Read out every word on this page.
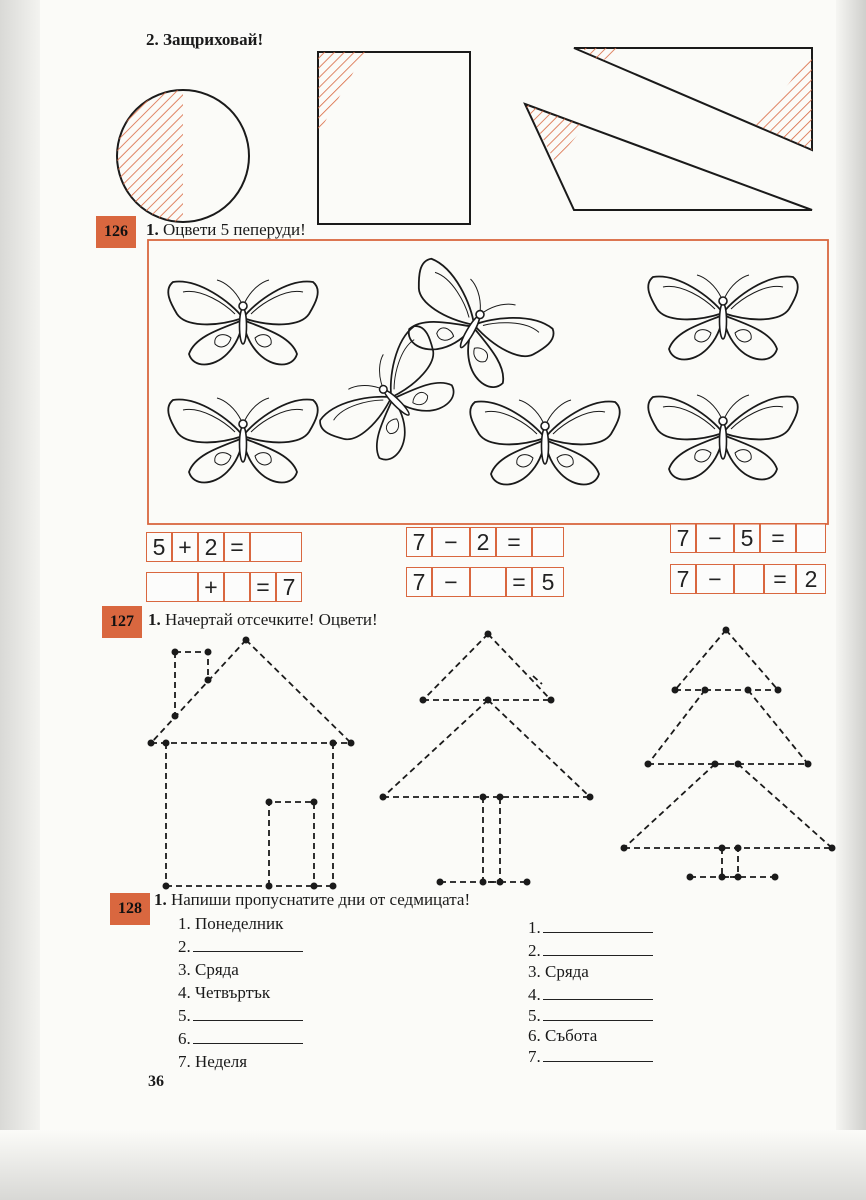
2. Защриховай!
126	1. Оцвети 5 пеперуди!
5 + 2 =
+ = 7
7 − 2 =
7 −	= 5
7 − 5 =
7 −	= 2
127 1. Начертай отсечките! Оцвети!
128 1. Напиши пропуснатите дни от седмицата!
1. Понеделник
2.
3. Сряда
4. Четвъртък
5.
6.
7. Неделя
1.
2.
3. Сряда
4.
5.
6. Събота
7.
36
